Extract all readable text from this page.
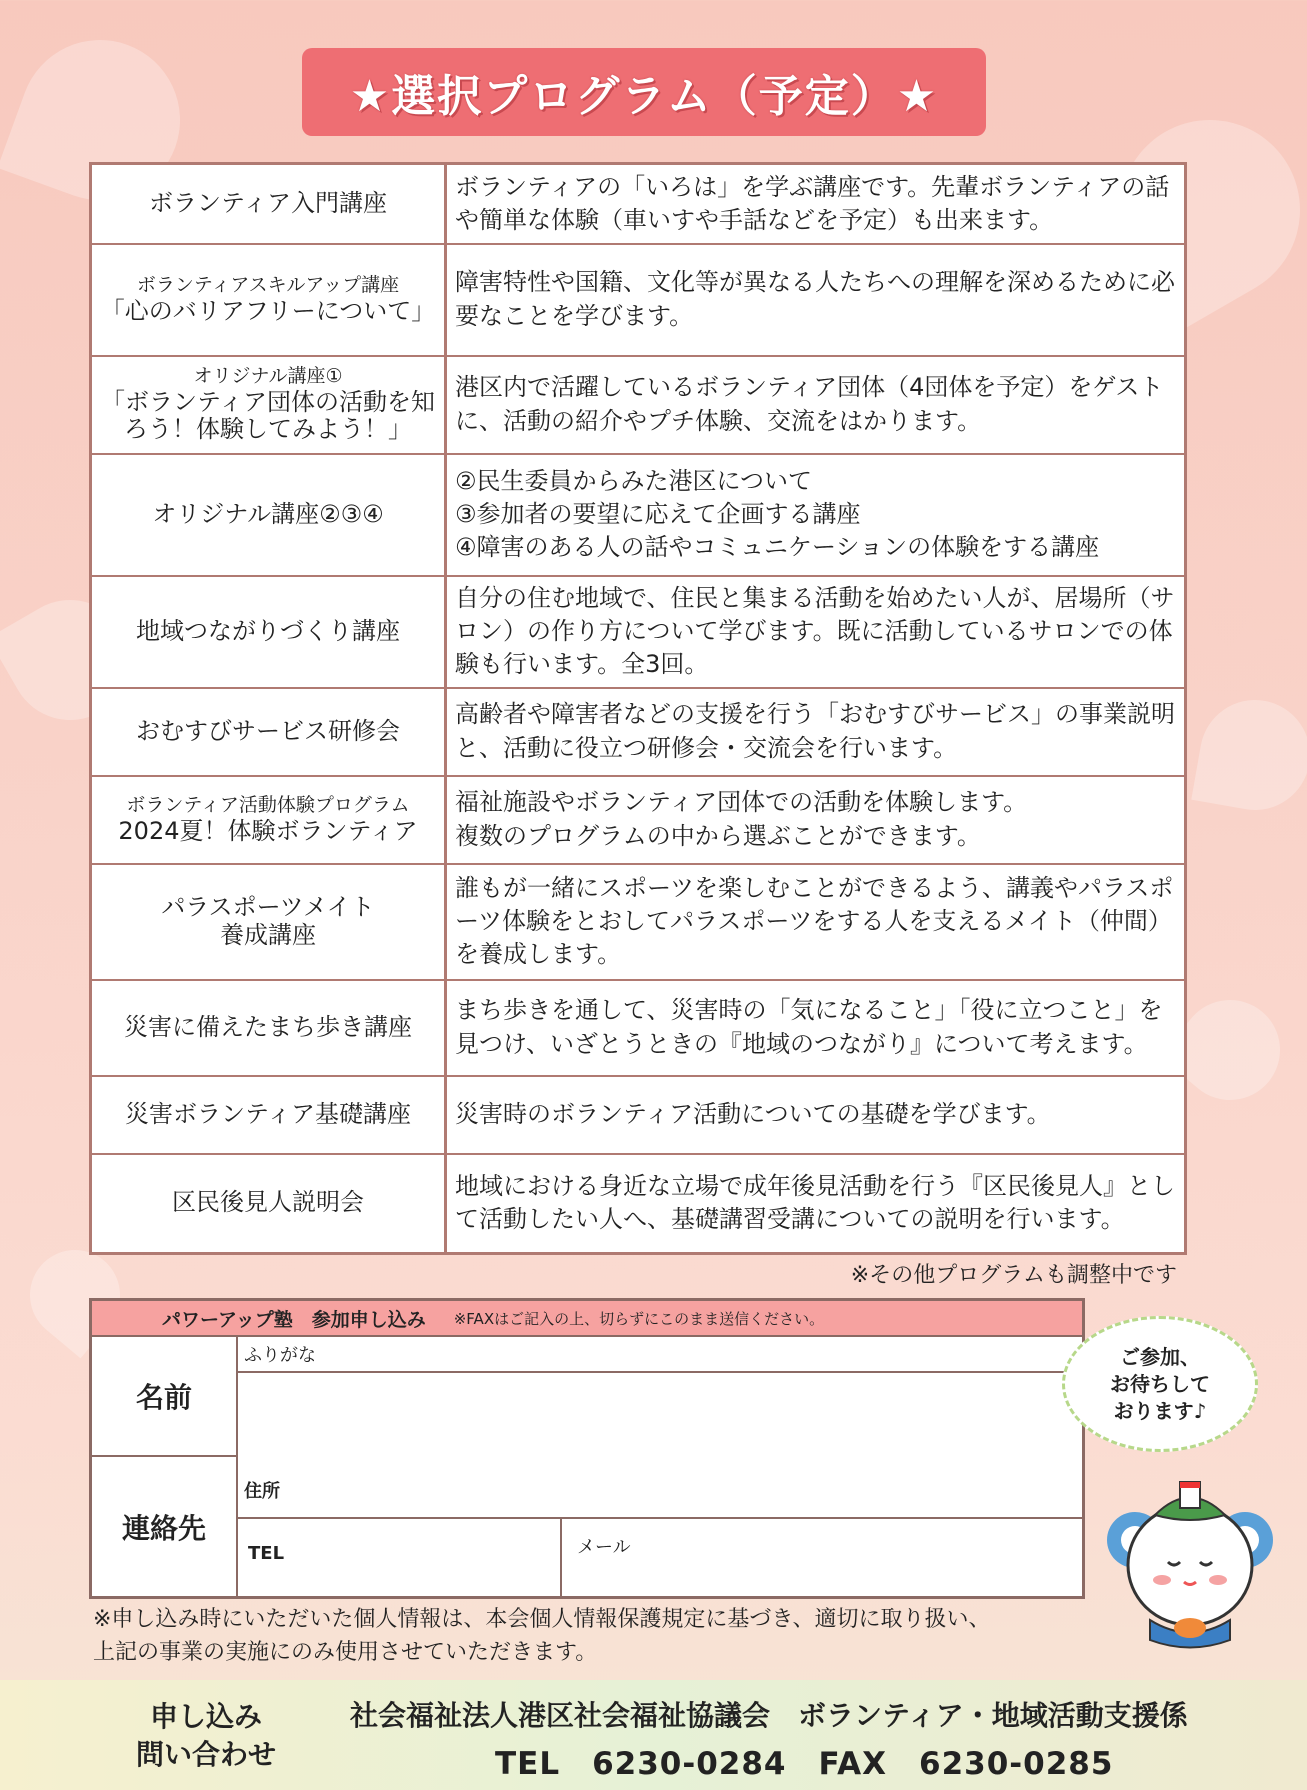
★選択プログラム（予定）★
ボランティア入門講座	ボランティアの「いろは」を学ぶ講座です。先輩ボランティアの話や簡単な体験（車いすや手話などを予定）も出来ます。

ボランティアスキルアップ講座
「心のバリアフリーについて」	障害特性や国籍、文化等が異なる人たちへの理解を深めるために必要なことを学びます。

オリジナル講座①
「ボランティア団体の活動を知ろう！体験してみよう！」	港区内で活躍しているボランティア団体（4団体を予定）をゲストに、活動の紹介やプチ体験、交流をはかります。

オリジナル講座②③④	②民生委員からみた港区について
③参加者の要望に応えて企画する講座
④障害のある人の話やコミュニケーションの体験をする講座

地域つながりづくり講座	自分の住む地域で、住民と集まる活動を始めたい人が、居場所（サロン）の作り方について学びます。既に活動しているサロンでの体験も行います。全3回。

おむすびサービス研修会	高齢者や障害者などの支援を行う「おむすびサービス」の事業説明と、活動に役立つ研修会・交流会を行います。

ボランティア活動体験プログラム
2024夏！体験ボランティア	福祉施設やボランティア団体での活動を体験します。
複数のプログラムの中から選ぶことができます。

パラスポーツメイト
養成講座	誰もが一緒にスポーツを楽しむことができるよう、講義やパラスポーツ体験をとおしてパラスポーツをする人を支えるメイト（仲間）を養成します。

災害に備えたまち歩き講座	まち歩きを通して、災害時の「気になること」「役に立つこと」を見つけ、いざとうときの『地域のつながり』について考えます。

災害ボランティア基礎講座	災害時のボランティア活動についての基礎を学びます。

区民後見人説明会	地域における身近な立場で成年後見活動を行う『区民後見人』として活動したい人へ、基礎講習受講についての説明を行います。
※その他プログラムも調整中です
パワーアップ塾　参加申し込み ※FAXはご記入の上、切らずにこのまま送信ください。
名前
連絡先
ふりがな
住所
TEL	メール
ご参加、
お待ちして
おります♪
※申し込み時にいただいた個人情報は、本会個人情報保護規定に基づき、適切に取り扱い、
上記の事業の実施にのみ使用させていただきます。
申し込み
問い合わせ
社会福祉法人港区社会福祉協議会　ボランティア・地域活動支援係
TEL　6230-0284　FAX　6230-0285
